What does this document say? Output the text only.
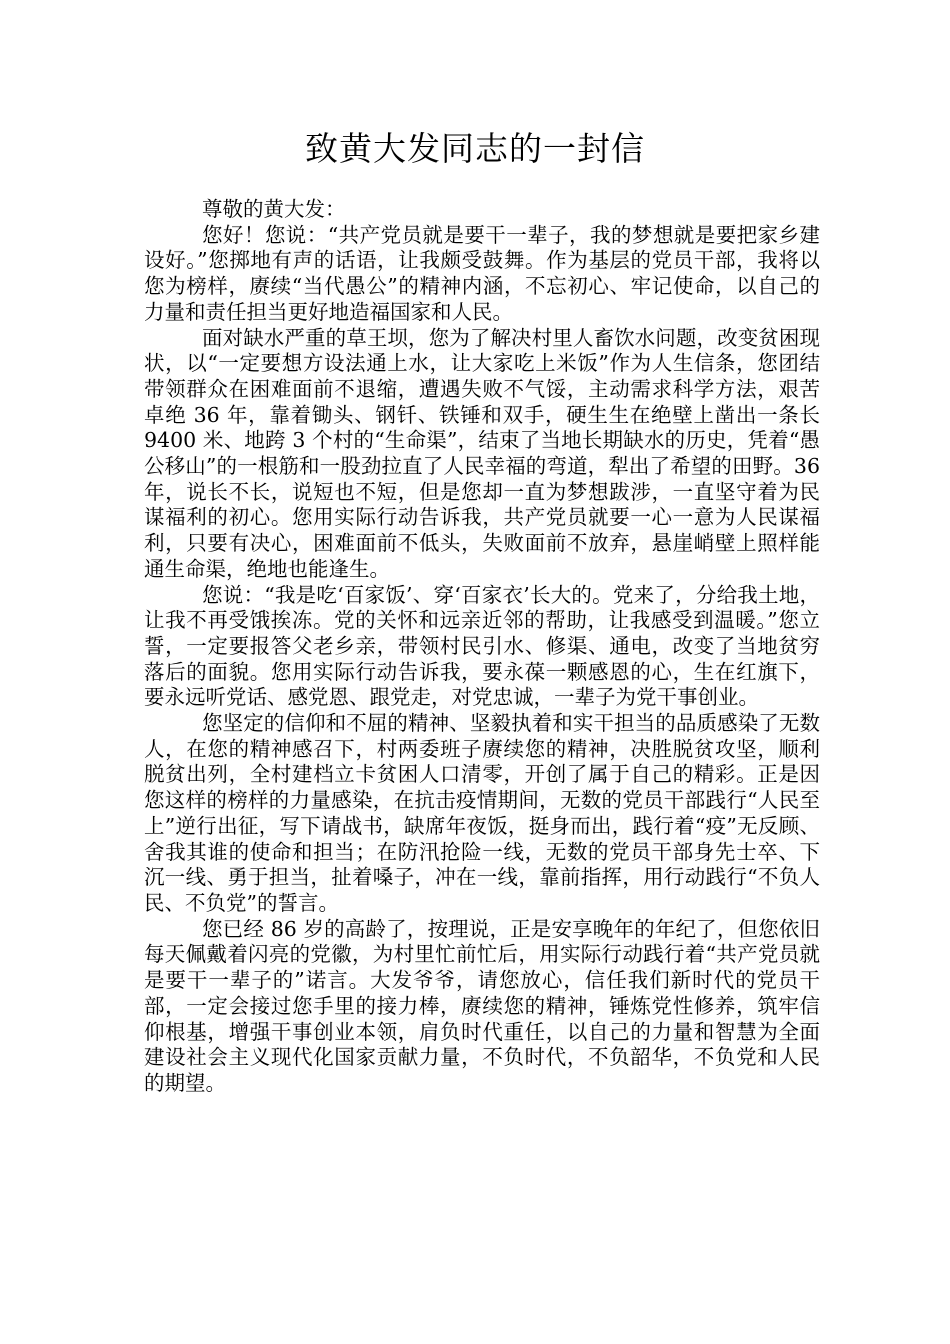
致黄大发同志的一封信

尊敬的黄大发：

您好！您说：“共产党员就是要干一辈子，我的梦想就是要把家乡建设好。”您掷地有声的话语，让我颇受鼓舞。作为基层的党员干部，我将以您为榜样，赓续“当代愚公”的精神内涵，不忘初心、牢记使命，以自己的力量和责任担当更好地造福国家和人民。

面对缺水严重的草王坝，您为了解决村里人畜饮水问题，改变贫困现状，以“一定要想方设法通上水，让大家吃上米饭”作为人生信条，您团结带领群众在困难面前不退缩，遭遇失败不气馁，主动需求科学方法，艰苦卓绝 36 年，靠着锄头、钢钎、铁锤和双手，硬生生在绝壁上凿出一条长 9400 米、地跨 3 个村的“生命渠”，结束了当地长期缺水的历史，凭着“愚公移山”的一根筋和一股劲拉直了人民幸福的弯道，犁出了希望的田野。36 年，说长不长，说短也不短，但是您却一直为梦想跋涉，一直坚守着为民谋福利的初心。您用实际行动告诉我，共产党员就要一心一意为人民谋福利，只要有决心，困难面前不低头，失败面前不放弃，悬崖峭壁上照样能通生命渠，绝地也能逢生。

您说：“我是吃‘百家饭’、穿‘百家衣’长大的。党来了，分给我土地，让我不再受饿挨冻。党的关怀和远亲近邻的帮助，让我感受到温暖。”您立誓，一定要报答父老乡亲，带领村民引水、修渠、通电，改变了当地贫穷落后的面貌。您用实际行动告诉我，要永葆一颗感恩的心，生在红旗下，要永远听党话、感党恩、跟党走，对党忠诚，一辈子为党干事创业。

您坚定的信仰和不屈的精神、坚毅执着和实干担当的品质感染了无数人，在您的精神感召下，村两委班子赓续您的精神，决胜脱贫攻坚，顺利脱贫出列，全村建档立卡贫困人口清零，开创了属于自己的精彩。正是因您这样的榜样的力量感染，在抗击疫情期间，无数的党员干部践行“人民至上”逆行出征，写下请战书，缺席年夜饭，挺身而出，践行着“疫”无反顾、舍我其谁的使命和担当；在防汛抢险一线，无数的党员干部身先士卒、下沉一线、勇于担当，扯着嗓子，冲在一线，靠前指挥，用行动践行“不负人民、不负党”的誓言。

您已经 86 岁的高龄了，按理说，正是安享晚年的年纪了，但您依旧每天佩戴着闪亮的党徽，为村里忙前忙后，用实际行动践行着“共产党员就是要干一辈子的”诺言。大发爷爷，请您放心，信任我们新时代的党员干部，一定会接过您手里的接力棒，赓续您的精神，锤炼党性修养，筑牢信仰根基，增强干事创业本领，肩负时代重任，以自己的力量和智慧为全面建设社会主义现代化国家贡献力量，不负时代，不负韶华，不负党和人民的期望。
